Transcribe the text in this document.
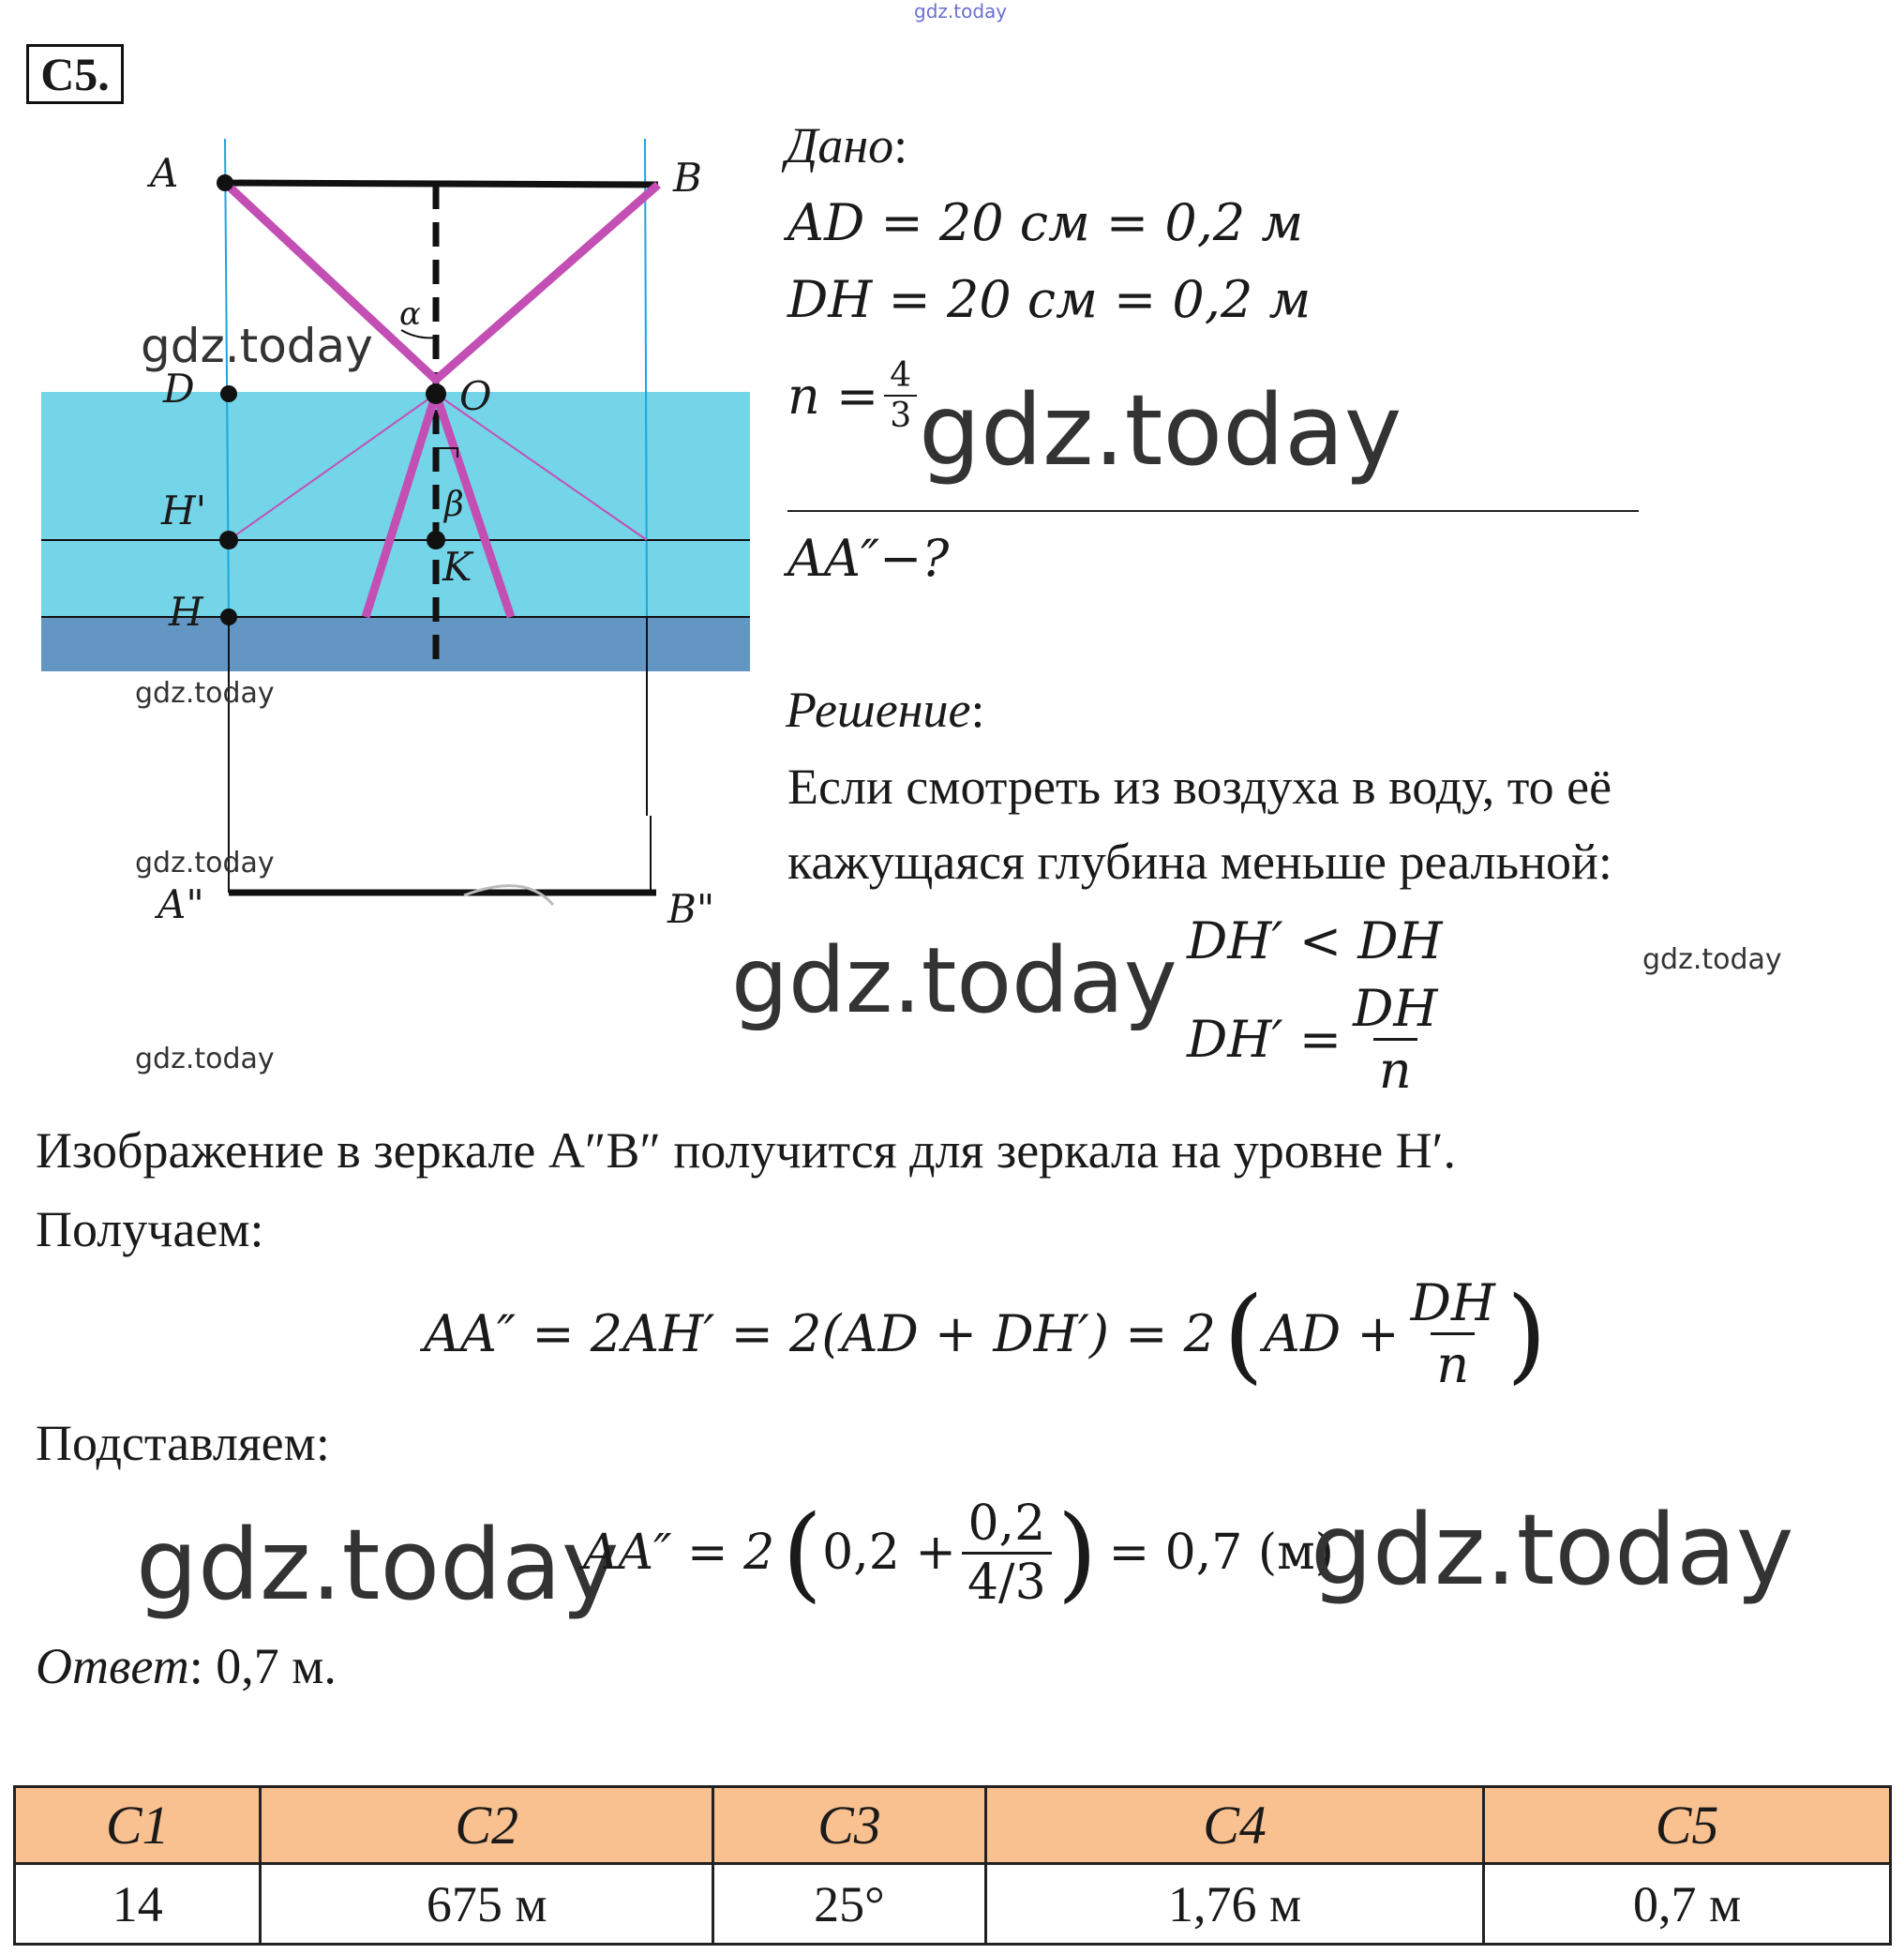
gdz.today
C5.
A	B
D	O
H'
K
H
A"	B"
α
β
gdz.today
gdz.today
gdz.today
gdz.today
Дано:
AD = 20 см = 0,2 м
DH = 20 см = 0,2 м
$n = \frac{4}{3}$ gdz.today
AA″−?
Решение:
Если смотреть из воздуха в воду, то её
кажущаяся глубина меньше реальной:
DH′ < DH
$DH' = \frac{DH}{n}$
gdz.today	gdz.today
Изображение в зеркале A″B″ получится для зеркала на уровне H′.
Получаем:
AA″ = 2AH′ = 2(AD + DH′) = 2 ( AD + $\frac{DH}{n}$ )
Подставляем:
gdz.today
AA″ = 2 ( $0,2 + \frac{0,2}{4/3}$ ) = 0,7 (м)
gdz.today
Ответ: 0,7 м.
C1	C2	C3	C4	C5
14	675 м	25°	1,76 м	0,7 м
